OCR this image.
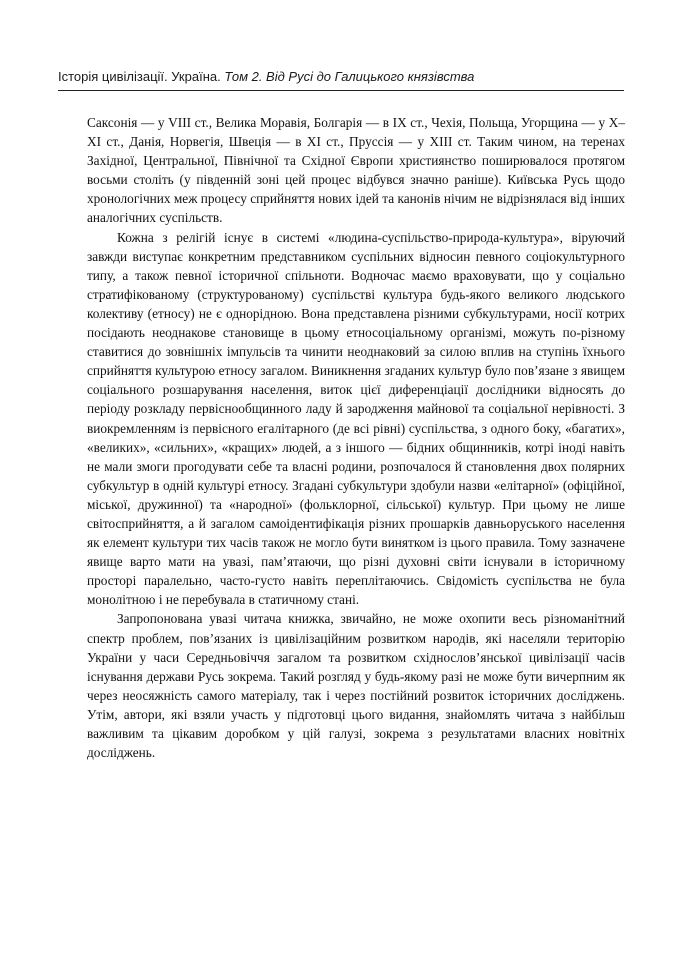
Історія цивілізації. Україна. Том 2. Від Русі до Галицького князівства

Саксонія — у VIII ст., Велика Моравія, Болгарія — в IX ст., Чехія, Польща, Угорщина — у X–XI ст., Данія, Норвегія, Швеція — в XI ст., Пруссія — у XIII ст. Таким чином, на теренах Західної, Центральної, Північної та Східної Європи християнство поширювалося протягом восьми століть (у південній зоні цей процес відбувся значно раніше). Київська Русь щодо хронологічних меж процесу сприйняття нових ідей та канонів нічим не відрізнялася від інших аналогічних суспільств.

Кожна з релігій існує в системі «людина-суспільство-природа-культура», віруючий завжди виступає конкретним представником суспільних відносин певного соціокультурного типу, а також певної історичної спільноти. Водночас маємо враховувати, що у соціально стратифікованому (структурованому) суспільстві культура будь-якого великого людського колективу (етносу) не є однорідною. Вона представлена різними субкультурами, носії котрих посідають неоднакове становище в цьому етносоціальному організмі, можуть по-різному ставитися до зовнішніх імпульсів та чинити неоднаковий за силою вплив на ступінь їхнього сприйняття культурою етносу загалом. Виникнення згаданих культур було пов’язане з явищем соціального розшарування населення, виток цієї диференціації дослідники відносять до періоду розкладу первіснообщинного ладу й зародження майнової та соціальної нерівності. З виокремленням із первісного егалітарного (де всі рівні) суспільства, з одного боку, «багатих», «великих», «сильних», «кращих» людей, а з іншого — бідних общинників, котрі іноді навіть не мали змоги прогодувати себе та власні родини, розпочалося й становлення двох полярних субкультур в одній культурі етносу. Згадані субкультури здобули назви «елітарної» (офіційної, міської, дружинної) та «народної» (фольклорної, сільської) культур. При цьому не лише світосприйняття, а й загалом самоідентифікація різних прошарків давньоруського населення як елемент культури тих часів також не могло бути винятком із цього правила. Тому зазначене явище варто мати на увазі, пам’ятаючи, що різні духовні світи існували в історичному просторі паралельно, часто-густо навіть переплітаючись. Свідомість суспільства не була монолітною і не перебувала в статичному стані.

Запропонована увазі читача книжка, звичайно, не може охопити весь різноманітний спектр проблем, пов’язаних із цивілізаційним розвитком народів, які населяли територію України у часи Середньовіччя загалом та розвитком східнослов’янської цивілізації часів існування держави Русь зокрема. Такий розгляд у будь-якому разі не може бути вичерпним як через неосяжність самого матеріалу, так і через постійний розвиток історичних досліджень. Утім, автори, які взяли участь у підготовці цього видання, знайомлять читача з найбільш важливим та цікавим доробком у цій галузі, зокрема з результатами власних новітніх досліджень.
